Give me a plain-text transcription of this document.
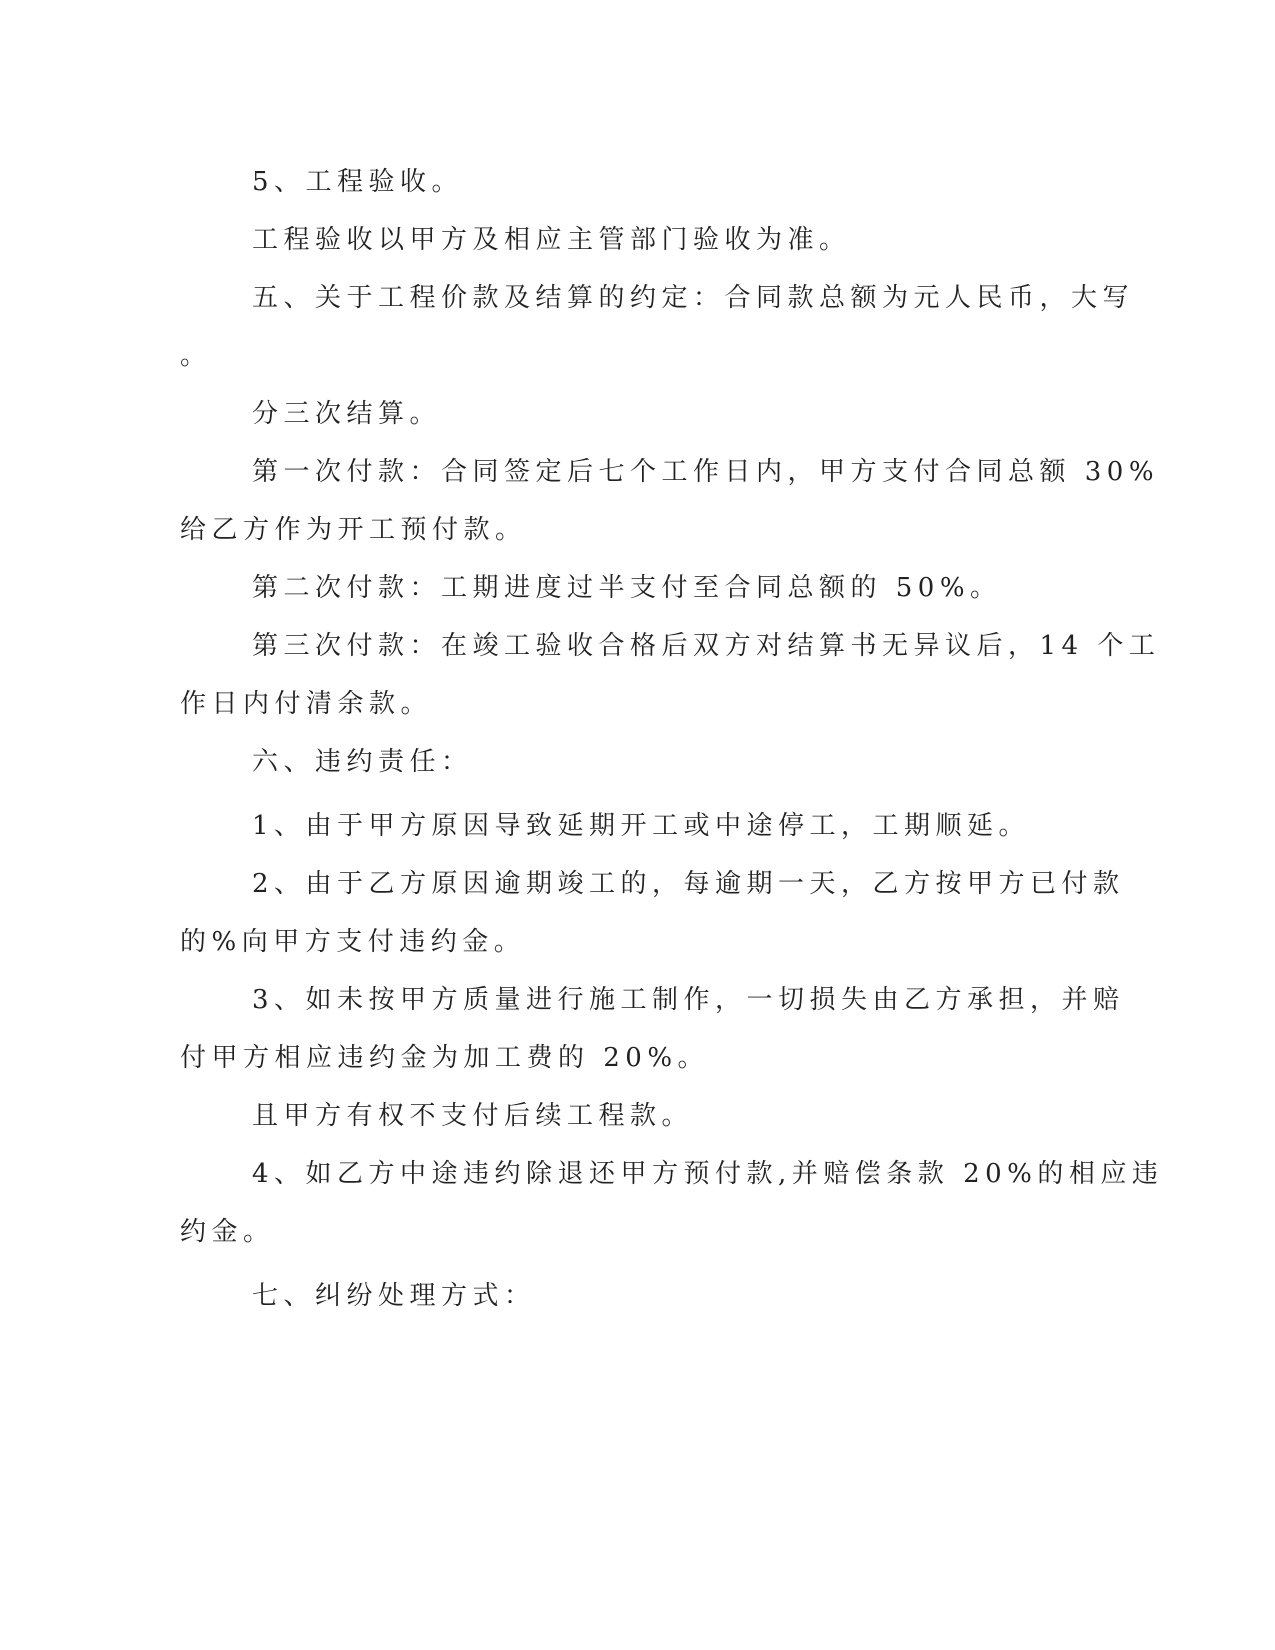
5、工程验收。

工程验收以甲方及相应主管部门验收为准。

五、关于工程价款及结算的约定：合同款总额为元人民币，大写

。

分三次结算。

第一次付款：合同签定后七个工作日内，甲方支付合同总额 30%

给乙方作为开工预付款。

第二次付款：工期进度过半支付至合同总额的 50%。

第三次付款：在竣工验收合格后双方对结算书无异议后，14 个工

作日内付清余款。

六、违约责任：

1、由于甲方原因导致延期开工或中途停工，工期顺延。

2、由于乙方原因逾期竣工的，每逾期一天，乙方按甲方已付款

的%向甲方支付违约金。

3、如未按甲方质量进行施工制作，一切损失由乙方承担，并赔

付甲方相应违约金为加工费的 20%。

且甲方有权不支付后续工程款。

4、如乙方中途违约除退还甲方预付款,并赔偿条款 20%的相应违

约金。

七、纠纷处理方式：
